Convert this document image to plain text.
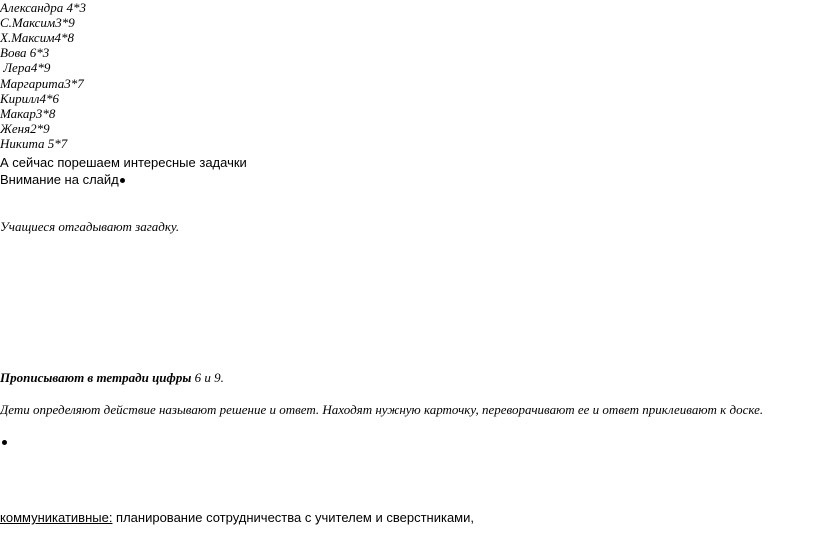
Александра 4*3
С.Максим3*9
Х.Максим4*8
Вова 6*3
Лера4*9
Маргарита3*7
Кирилл4*6
Макар3*8
Женя2*9
Никита 5*7
А сейчас порешаем интересные задачки
Внимание на слайд
Учащиеся отгадывают загадку.
Прописывают в тетради цифры 6 и 9.
Дети определяют действие называют решение и ответ. Находят нужную карточку, переворачивают ее и ответ приклеивают к доске.
коммуникативные: планирование сотрудничества с учителем и сверстниками,
